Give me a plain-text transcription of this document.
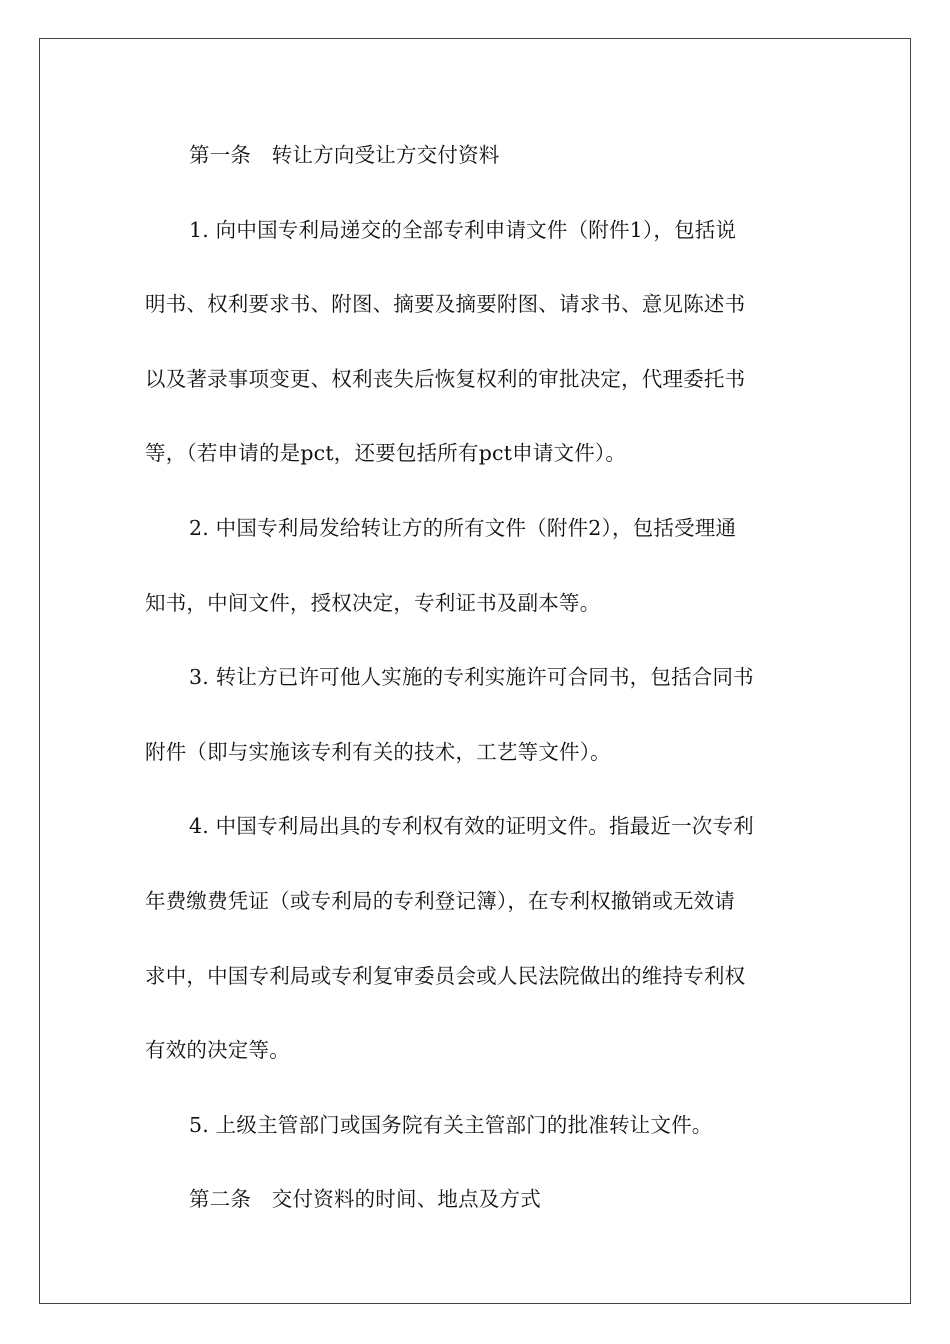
第一条　转让方向受让方交付资料
1. 向中国专利局递交的全部专利申请文件（附件1），包括说
明书、权利要求书、附图、摘要及摘要附图、请求书、意见陈述书
以及著录事项变更、权利丧失后恢复权利的审批决定，代理委托书
等，（若申请的是pct，还要包括所有pct申请文件）。
2. 中国专利局发给转让方的所有文件（附件2），包括受理通
知书，中间文件，授权决定，专利证书及副本等。
3. 转让方已许可他人实施的专利实施许可合同书，包括合同书
附件（即与实施该专利有关的技术，工艺等文件）。
4. 中国专利局出具的专利权有效的证明文件。指最近一次专利
年费缴费凭证（或专利局的专利登记簿），在专利权撤销或无效请
求中，中国专利局或专利复审委员会或人民法院做出的维持专利权
有效的决定等。
5. 上级主管部门或国务院有关主管部门的批准转让文件。
第二条　交付资料的时间、地点及方式
